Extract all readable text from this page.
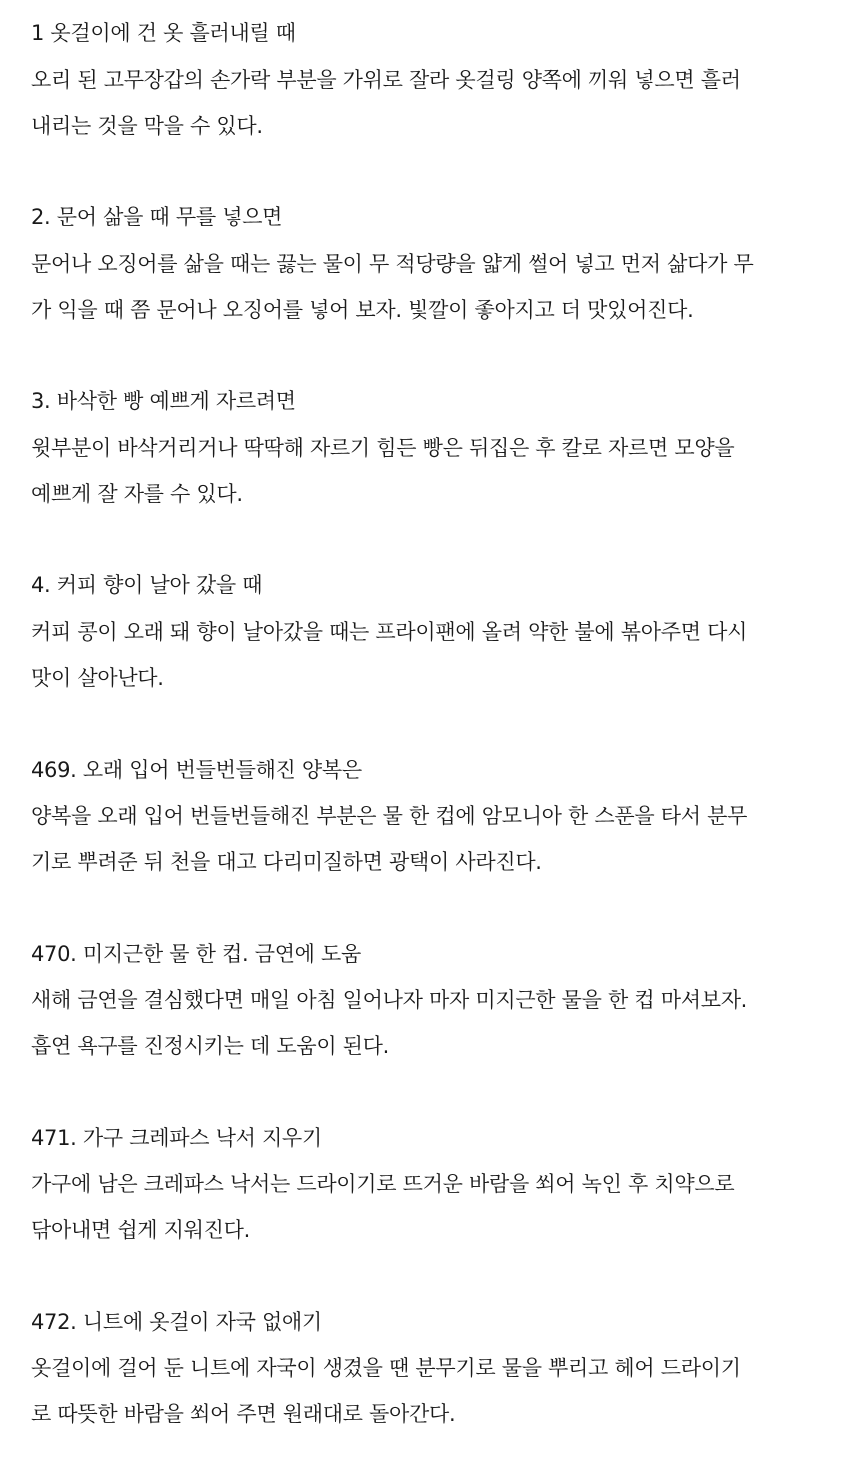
1 옷걸이에 건 옷 흘러내릴 때
오리 된 고무장갑의 손가락 부분을 가위로 잘라 옷걸링 양쪽에 끼워 넣으면 흘러
내리는 것을 막을 수 있다.
2. 문어 삶을 때 무를 넣으면
문어나 오징어를 삶을 때는 끓는 물이 무 적당량을 얇게 썰어 넣고 먼저 삶다가 무
가 익을 때 쯤 문어나 오징어를 넣어 보자. 빛깔이 좋아지고 더 맛있어진다.
3. 바삭한 빵 예쁘게 자르려면
윗부분이 바삭거리거나 딱딱해 자르기 힘든 빵은 뒤집은 후 칼로 자르면 모양을
예쁘게 잘 자를 수 있다.
4. 커피 향이 날아 갔을 때
커피 콩이 오래 돼 향이 날아갔을 때는 프라이팬에 올려 약한 불에 볶아주면 다시
맛이 살아난다.
469. 오래 입어 번들번들해진 양복은
양복을 오래 입어 번들번들해진 부분은 물 한 컵에 암모니아 한 스푼을 타서 분무
기로 뿌려준 뒤 천을 대고 다리미질하면 광택이 사라진다.
470. 미지근한 물 한 컵. 금연에 도움
새해 금연을 결심했다면 매일 아침 일어나자 마자 미지근한 물을 한 컵 마셔보자.
흡연 욕구를 진정시키는 데 도움이 된다.
471. 가구 크레파스 낙서 지우기
가구에 남은 크레파스 낙서는 드라이기로 뜨거운 바람을 쐬어 녹인 후 치약으로
닦아내면 쉽게 지워진다.
472. 니트에 옷걸이 자국 없애기
옷걸이에 걸어 둔 니트에 자국이 생겼을 땐 분무기로 물을 뿌리고 헤어 드라이기
로 따뜻한 바람을 쐬어 주면 원래대로 돌아간다.
